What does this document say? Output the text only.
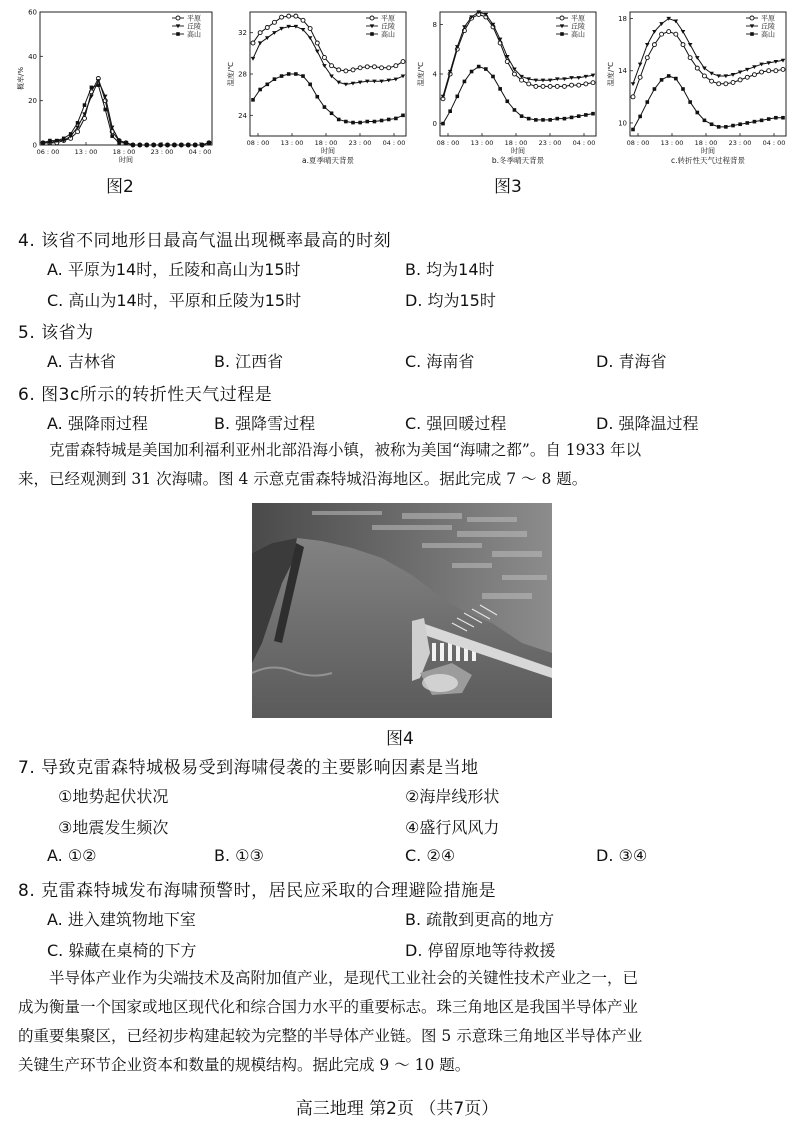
0
20
40
60
概率/%
06 : 00 13 : 00 18 : 00 23 : 00 04 : 00
时间
平原
丘陵
高山
图2
24
28
32
温度/℃
08 : 00 13 : 00 18 : 00 23 : 00 04 : 00
时间
平原
丘陵
高山
a.夏季晴天背景
0
4
8
温度/℃
08 : 00 13 : 00 18 : 00 23 : 00 04 : 00
时间
平原
丘陵
高山
b.冬季晴天背景
10
14
18
温度/℃
08 : 00 13 : 00 18 : 00 23 : 00 04 : 00
时间
平原
丘陵
高山
c.转折性天气过程背景
图3
4. 该省不同地形日最高气温出现概率最高的时刻
A. 平原为14时，丘陵和高山为15时	B. 均为14时
C. 高山为14时，平原和丘陵为15时	D. 均为15时
5. 该省为
A. 吉林省	B. 江西省	C. 海南省	D. 青海省
6. 图3c所示的转折性天气过程是
A. 强降雨过程	B. 强降雪过程	C. 强回暖过程	D. 强降温过程
克雷森特城是美国加利福利亚州北部沿海小镇，被称为美国“海啸之都”。自 1933 年以
来，已经观测到 31 次海啸。图 4 示意克雷森特城沿海地区。据此完成 7 ～ 8 题。
图4
7. 导致克雷森特城极易受到海啸侵袭的主要影响因素是当地
①地势起伏状况	②海岸线形状
③地震发生频次	④盛行风风力
A. ①②	B. ①③	C. ②④	D. ③④
8. 克雷森特城发布海啸预警时，居民应采取的合理避险措施是
A. 进入建筑物地下室	B. 疏散到更高的地方
C. 躲藏在桌椅的下方	D. 停留原地等待救援
半导体产业作为尖端技术及高附加值产业，是现代工业社会的关键性技术产业之一，已
成为衡量一个国家或地区现代化和综合国力水平的重要标志。珠三角地区是我国半导体产业
的重要集聚区，已经初步构建起较为完整的半导体产业链。图 5 示意珠三角地区半导体产业
关键生产环节企业资本和数量的规模结构。据此完成 9 ～ 10 题。
高三地理 第2页 （共7页）
